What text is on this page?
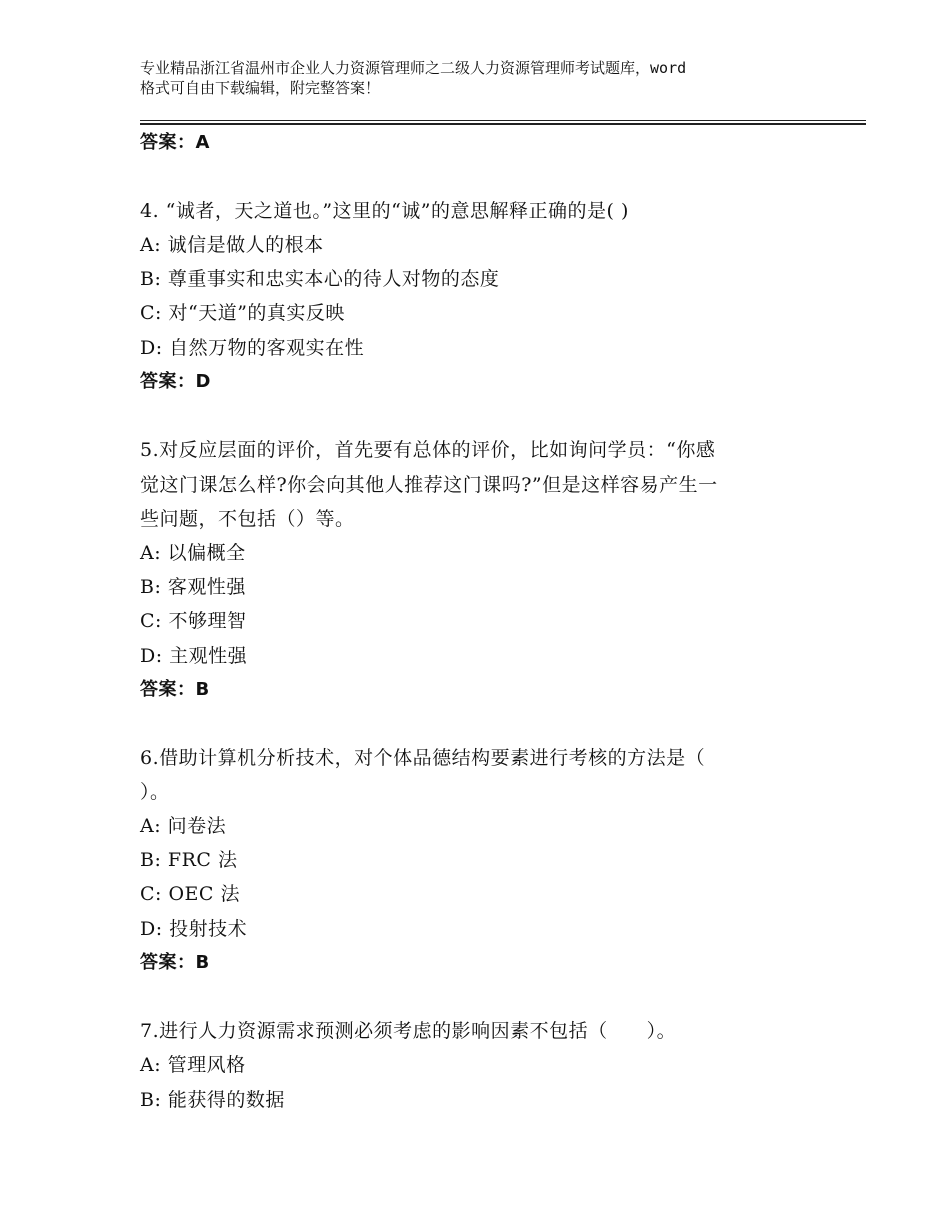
专业精品浙江省温州市企业人力资源管理师之二级人力资源管理师考试题库，word
格式可自由下载编辑，附完整答案！
答案：A
4. “诚者，天之道也。”这里的“诚”的意思解释正确的是( )
A: 诚信是做人的根本
B: 尊重事实和忠实本心的待人对物的态度
C: 对“天道”的真实反映
D: 自然万物的客观实在性
答案：D
5.对反应层面的评价，首先要有总体的评价，比如询问学员：“你感
觉这门课怎么样?你会向其他人推荐这门课吗?”但是这样容易产生一
些问题，不包括（）等。
A: 以偏概全
B: 客观性强
C: 不够理智
D: 主观性强
答案：B
6.借助计算机分析技术，对个体品德结构要素进行考核的方法是（
）。
A: 问卷法
B: FRC 法
C: OEC 法
D: 投射技术
答案：B
7.进行人力资源需求预测必须考虑的影响因素不包括（　　）。
A: 管理风格
B: 能获得的数据
